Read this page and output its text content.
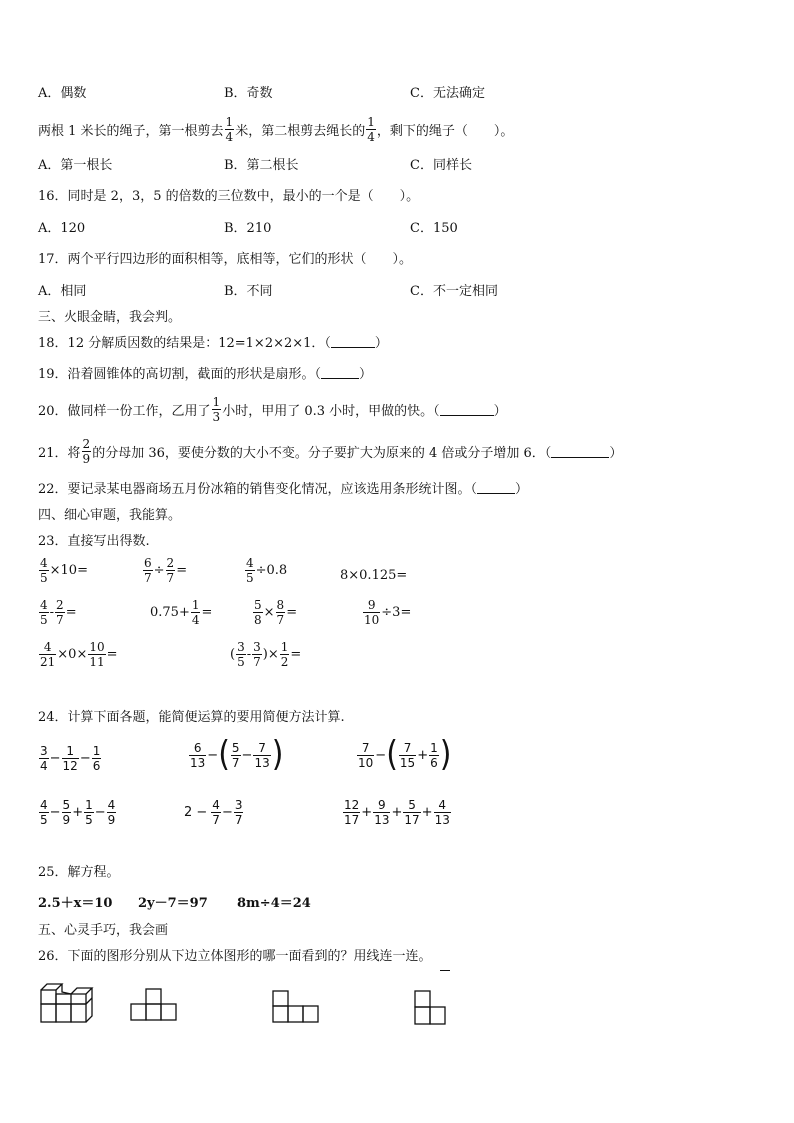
A．偶数	B．奇数	C．无法确定
两根 1 米长的绳子，第一根剪去 $\frac{1}{4}$ 米，第二根剪去绳长的 $\frac{1}{4}$ ，剩下的绳子（　　）。
A．第一根长	B．第二根长	C．同样长
16．同时是 2，3，5 的倍数的三位数中，最小的一个是（　　）。
A．120	B．210	C．150
17．两个平行四边形的面积相等，底相等，它们的形状（　　）。
A．相同	B．不同	C．不一定相同
三、火眼金睛，我会判。
18．12 分解质因数的结果是：12=1×2×2×1．（	）
19．沿着圆锥体的高切割，截面的形状是扇形。（	）
20．做同样一份工作，乙用了 $\frac{1}{3}$ 小时，甲用了 0.3 小时，甲做的快。（	）
21．将 $\frac{2}{9}$ 的分母加 36，要使分数的大小不变。分子要扩大为原来的 4 倍或分子增加 6．（	）
22．要记录某电器商场五月份冰箱的销售变化情况，应该选用条形统计图。（	）
四、细心审题，我能算。
23．直接写出得数.
$\frac{4}{5} \times 10=$	$\frac{6}{7} \div \frac{2}{7}$ =	$\frac{4}{5} \div 0.8$	8×0.125=
$\frac{4}{5} - \frac{2}{7}$ =	$0.75+ \frac{1}{4}$ =	$\frac{5}{8} \times \frac{8}{7}$ =	$\frac{9}{10} \div 3=$
$\frac{4}{21} \times 0\times \frac{10}{11}$ =	( $\frac{3}{5} - \frac{3}{7}$ )× $\frac{1}{2}$ =
24．计算下面各题，能简便运算的要用简便方法计算.
$\frac{3}{4} - \frac{1}{12} - \frac{1}{6}$	$\frac{6}{13}$ − ( $\frac{5}{7} - \frac{7}{13}$ )	$\frac{7}{10}$ − ( $\frac{7}{15} + \frac{1}{6}$ )
$\frac{4}{5} - \frac{5}{9} + \frac{1}{5} - \frac{4}{9}$	$2 - \frac{4}{7} - \frac{3}{7}$	$\frac{12}{17} + \frac{9}{13} + \frac{5}{17} + \frac{4}{13}$
25．解方程。
2.5＋x＝10	2y－7＝97	8m÷4＝24
五、心灵手巧，我会画
26．下面的图形分别从下边立体图形的哪一面看到的？用线连一连。
